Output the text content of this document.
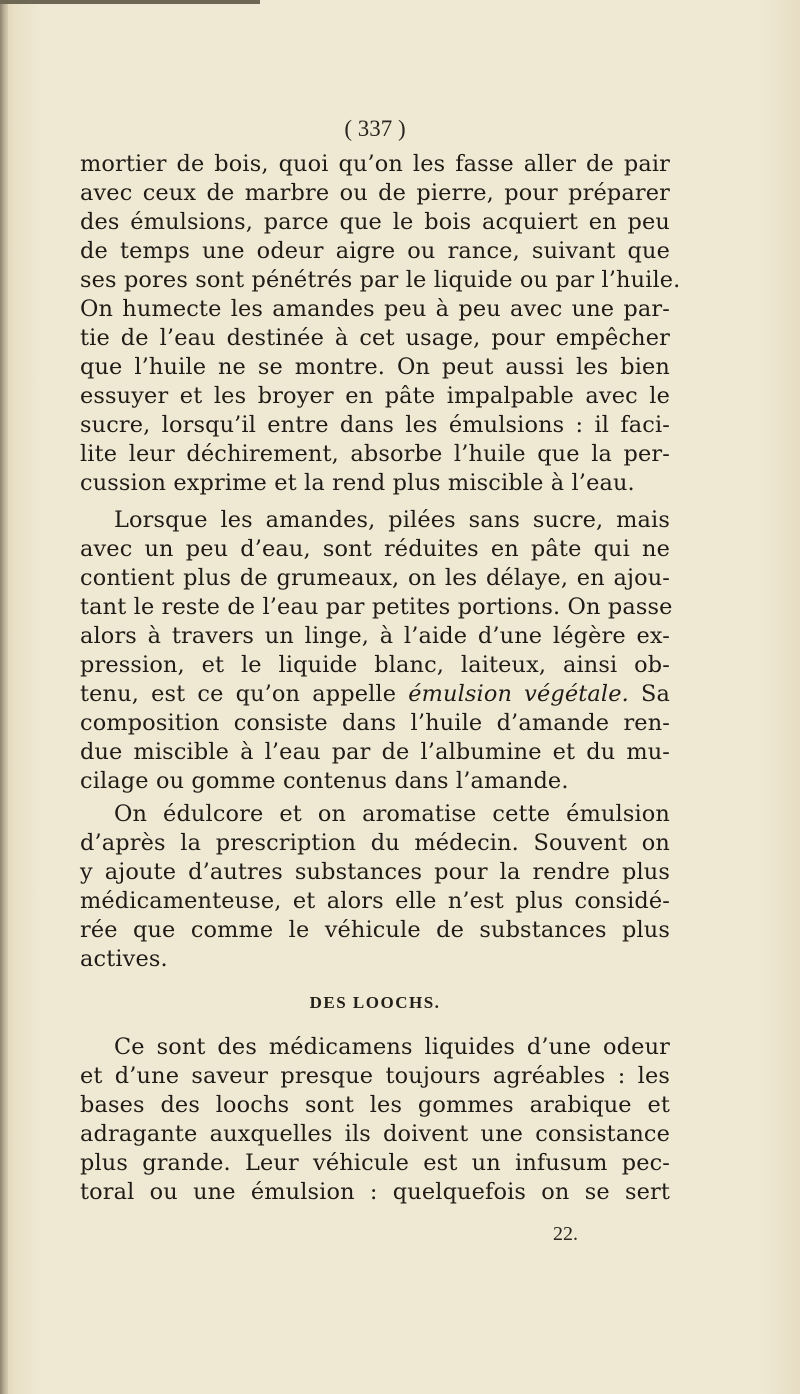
( 337 )
mortier de bois, quoi qu’on les fasse aller de pair
avec ceux de marbre ou de pierre, pour préparer
des émulsions, parce que le bois acquiert en peu
de temps une odeur aigre ou rance, suivant que
ses pores sont pénétrés par le liquide ou par l’huile.
On humecte les amandes peu à peu avec une par-
tie de l’eau destinée à cet usage, pour empêcher
que l’huile ne se montre. On peut aussi les bien
essuyer et les broyer en pâte impalpable avec le
sucre, lorsqu’il entre dans les émulsions : il faci-
lite leur déchirement, absorbe l’huile que la per-
cussion exprime et la rend plus miscible à l’eau.
Lorsque les amandes, pilées sans sucre, mais
avec un peu d’eau, sont réduites en pâte qui ne
contient plus de grumeaux, on les délaye, en ajou-
tant le reste de l’eau par petites portions. On passe
alors à travers un linge, à l’aide d’une légère ex-
pression, et le liquide blanc, laiteux, ainsi ob-
tenu, est ce qu’on appelle émulsion végétale. Sa
composition consiste dans l’huile d’amande ren-
due miscible à l’eau par de l’albumine et du mu-
cilage ou gomme contenus dans l’amande.
On édulcore et on aromatise cette émulsion
d’après la prescription du médecin. Souvent on
y ajoute d’autres substances pour la rendre plus
médicamenteuse, et alors elle n’est plus considé-
rée que comme le véhicule de substances plus
actives.
DES LOOCHS.
Ce sont des médicamens liquides d’une odeur
et d’une saveur presque toujours agréables : les
bases des loochs sont les gommes arabique et
adragante auxquelles ils doivent une consistance
plus grande. Leur véhicule est un infusum pec-
toral ou une émulsion : quelquefois on se sert
22.
